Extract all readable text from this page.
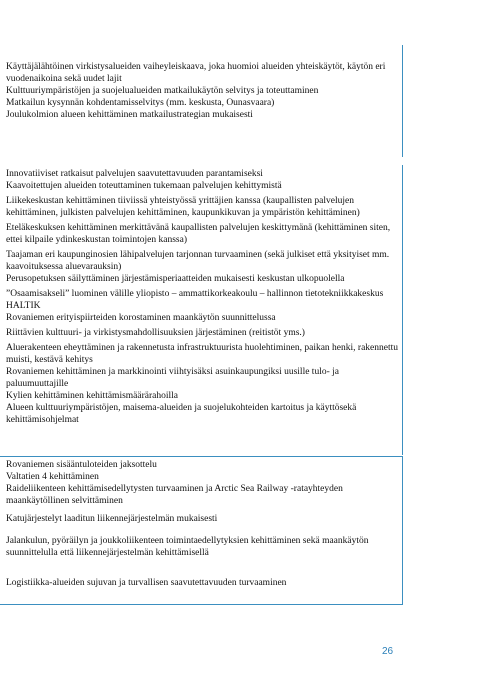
Käyttäjälähtöinen virkistysalueiden vaiheyleiskaava, joka huomioi alueiden yhteiskäytöt, käytön eri vuodenaikoina sekä uudet lajit

Kulttuuriympäristöjen ja suojelualueiden matkailukäytön selvitys ja toteuttaminen

Matkailun kysynnän kohdentamisselvitys (mm. keskusta, Ounasvaara)

Joulukolmion alueen kehittäminen matkailustrategian mukaisesti

Innovatiiviset ratkaisut palvelujen saavutettavuuden parantamiseksi

Kaavoitettujen alueiden toteuttaminen tukemaan palvelujen kehittymistä

Liikekeskustan kehittäminen tiiviissä yhteistyössä yrittäjien kanssa (kaupallisten palvelujen kehittäminen, julkisten palvelujen kehittäminen, kaupunkikuvan ja ympäristön kehittäminen)

Eteläkeskuksen kehittäminen merkittävänä kaupallisten palvelujen keskittymänä (kehittäminen siten, ettei kilpaile ydinkeskustan toimintojen kanssa)

Taajaman eri kaupunginosien lähipalvelujen tarjonnan turvaaminen (sekä julkiset että yksityiset mm. kaavoituksessa aluevarauksin)

Perusopetuksen säilyttäminen järjestämisperiaatteiden mukaisesti keskustan ulkopuolella

”Osaamisakseli” luominen välille yliopisto – ammattikorkeakoulu – hallinnon tietotekniikkakeskus HALTIK

Rovaniemen erityispiirteiden korostaminen maankäytön suunnittelussa

Riittävien kulttuuri- ja virkistysmahdollisuuksien järjestäminen (reitistöt yms.)

Aluerakenteen eheyttäminen ja rakennetusta infrastruktuurista huolehtiminen, paikan henki, rakennettu muisti, kestävä kehitys

Rovaniemen kehittäminen ja markkinointi viihtyisäksi asuinkaupungiksi uusille tulo- ja paluumuuttajille

Kylien kehittäminen kehittämismäärärahoilla

Alueen kulttuuriympäristöjen, maisema-alueiden ja suojelukohteiden kartoitus ja käyttösekä kehittämisohjelmat

Rovaniemen sisääntuloteiden jaksottelu

Valtatien 4 kehittäminen

Raideliikenteen kehittämisedellytysten turvaaminen ja Arctic Sea Railway -ratayhteyden maankäytöllinen selvittäminen

Katujärjestelyt laaditun liikennejärjestelmän mukaisesti

Jalankulun, pyöräilyn ja joukkoliikenteen toimintaedellytyksien kehittäminen sekä maankäytön suunnittelulla että liikennejärjestelmän kehittämisellä

Logistiikka-alueiden sujuvan ja turvallisen saavutettavuuden turvaaminen

26
